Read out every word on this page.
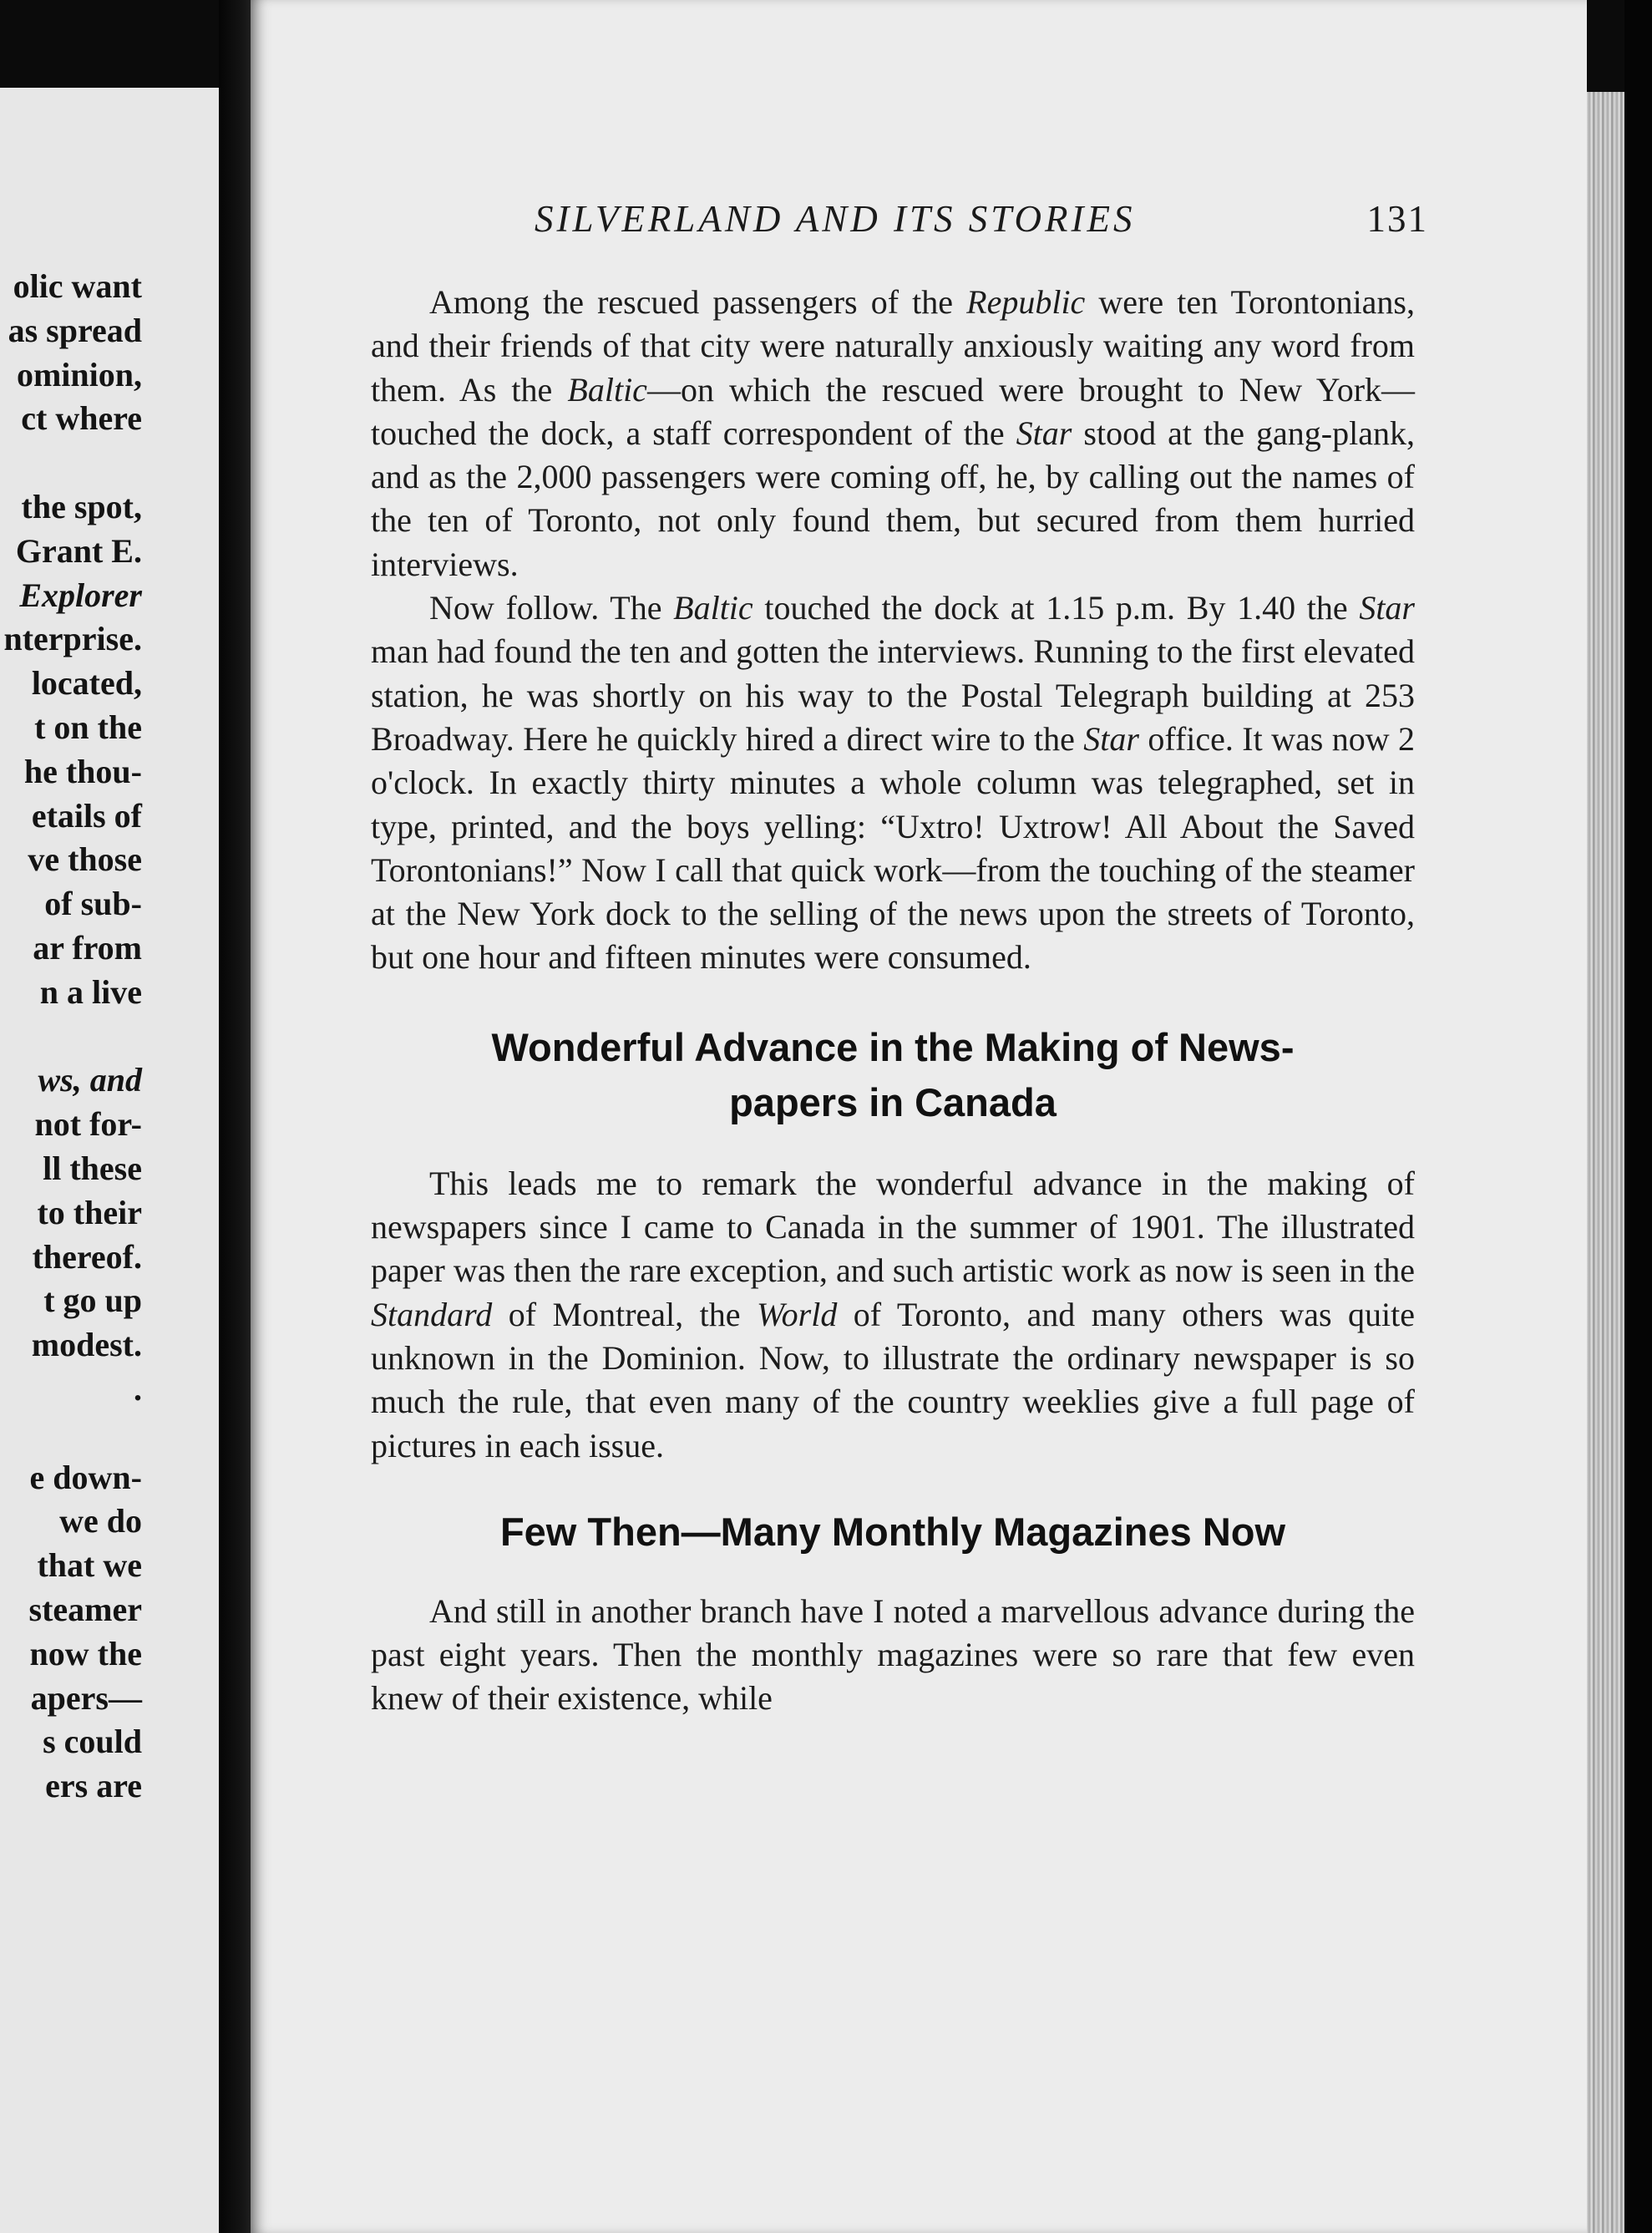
olic want
as spread
ominion,
ct where
the spot,
Grant E.
Explorer
nterprise.
located,
t on the
he thou-
etails of
ve those
of sub-
ar from
n a live
ws, and
not for-
ll these
to their
thereof.
t go up
modest.
.
e down-
we do
that we
steamer
now the
apers—
s could
ers are
SILVERLAND AND ITS STORIES	131

Among the rescued passengers of the Republic were ten Torontonians, and their friends of that city were naturally anxiously waiting any word from them. As the Baltic—on which the rescued were brought to New York—touched the dock, a staff correspondent of the Star stood at the gang-plank, and as the 2,000 passengers were coming off, he, by calling out the names of the ten of Toronto, not only found them, but secured from them hurried interviews.

Now follow. The Baltic touched the dock at 1.15 p.m. By 1.40 the Star man had found the ten and gotten the interviews. Running to the first elevated station, he was shortly on his way to the Postal Telegraph building at 253 Broadway. Here he quickly hired a direct wire to the Star office. It was now 2 o'clock. In exactly thirty minutes a whole column was telegraphed, set in type, printed, and the boys yelling: “Uxtro! Uxtrow! All About the Saved Torontonians!” Now I call that quick work—from the touching of the steamer at the New York dock to the selling of the news upon the streets of Toronto, but one hour and fifteen minutes were consumed.

Wonderful Advance in the Making of News-
papers in Canada

This leads me to remark the wonderful advance in the making of newspapers since I came to Canada in the summer of 1901. The illustrated paper was then the rare exception, and such artistic work as now is seen in the Standard of Montreal, the World of Toronto, and many others was quite unknown in the Dominion. Now, to illustrate the ordinary newspaper is so much the rule, that even many of the country weeklies give a full page of pictures in each issue.

Few Then—Many Monthly Magazines Now

And still in another branch have I noted a marvellous advance during the past eight years. Then the monthly magazines were so rare that few even knew of their existence, while
